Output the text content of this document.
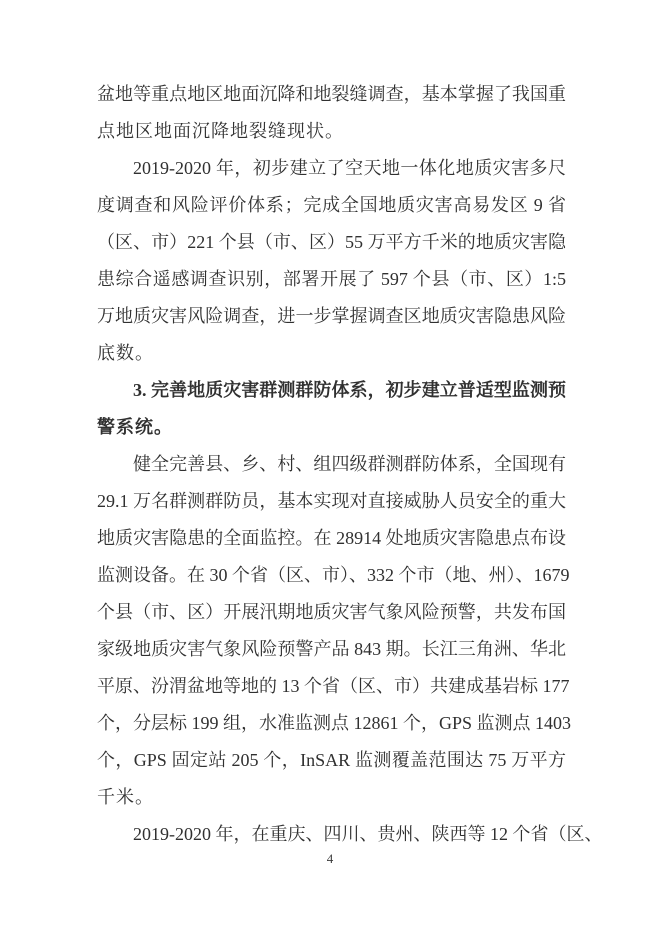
盆地等重点地区地面沉降和地裂缝调查，基本掌握了我国重
点地区地面沉降地裂缝现状。
2019-2020 年，初步建立了空天地一体化地质灾害多尺
度调查和风险评价体系；完成全国地质灾害高易发区 9 省
（区、市）221 个县（市、区）55 万平方千米的地质灾害隐
患综合遥感调查识别，部署开展了 597 个县（市、区）1:5
万地质灾害风险调查，进一步掌握调查区地质灾害隐患风险
底数。
3. 完善地质灾害群测群防体系，初步建立普适型监测预
警系统。
健全完善县、乡、村、组四级群测群防体系，全国现有
29.1 万名群测群防员，基本实现对直接威胁人员安全的重大
地质灾害隐患的全面监控。在 28914 处地质灾害隐患点布设
监测设备。在 30 个省（区、市）、332 个市（地、州）、1679
个县（市、区）开展汛期地质灾害气象风险预警，共发布国
家级地质灾害气象风险预警产品 843 期。长江三角洲、华北
平原、汾渭盆地等地的 13 个省（区、市）共建成基岩标 177
个，分层标 199 组，水准监测点 12861 个，GPS 监测点 1403
个，GPS 固定站 205 个，InSAR 监测覆盖范围达 75 万平方
千米。
2019-2020 年，在重庆、四川、贵州、陕西等 12 个省（区、
4
